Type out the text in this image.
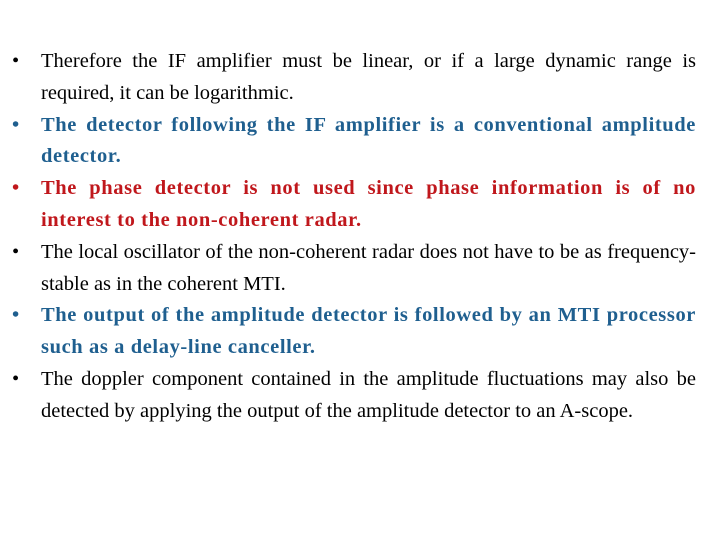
•	Therefore the IF amplifier must be linear, or if a large dynamic range is required, it can be logarithmic.
•	The detector following the IF amplifier is a conventional amplitude detector.
•	The phase detector is not used since phase information is of no interest to the non-coherent radar.
•	The local oscillator of the non-coherent radar does not have to be as frequency-stable as in the coherent MTI.
•	The output of the amplitude detector is followed by an MTI processor such as a delay-line canceller.
•	The doppler component contained in the amplitude fluctuations may also be detected by applying the output of the amplitude detector to an A-scope.
